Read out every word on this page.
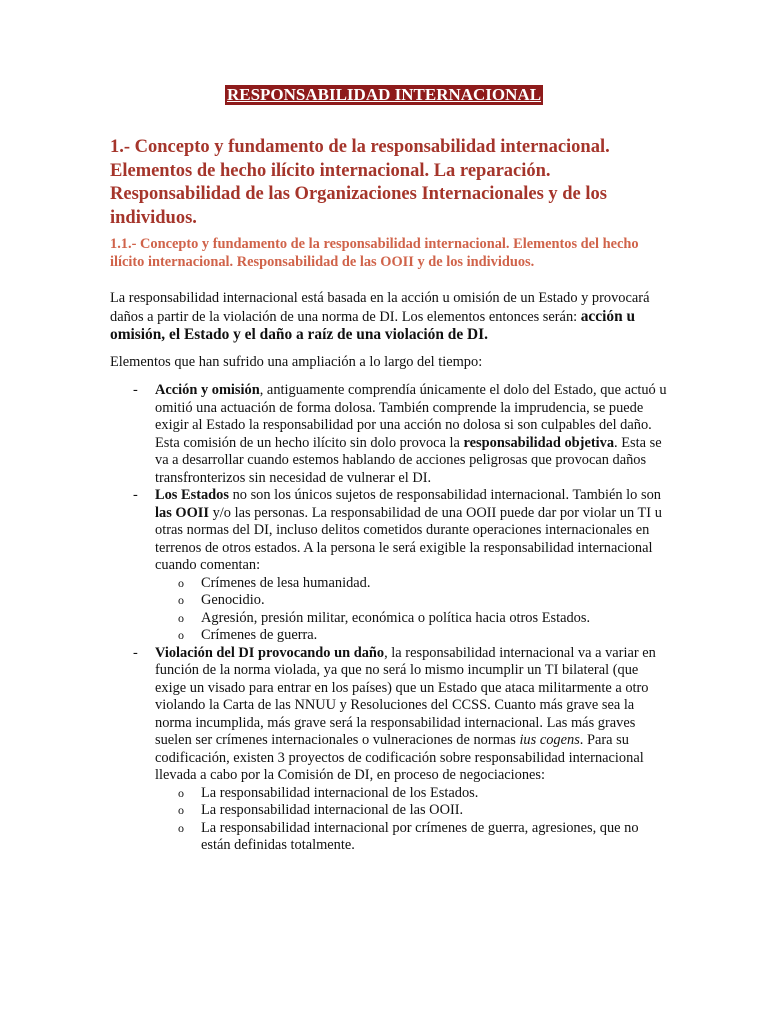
RESPONSABILIDAD INTERNACIONAL
1.- Concepto y fundamento de la responsabilidad internacional. Elementos de hecho ilícito internacional. La reparación. Responsabilidad de las Organizaciones Internacionales y de los individuos.
1.1.- Concepto y fundamento de la responsabilidad internacional. Elementos del hecho ilícito internacional. Responsabilidad de las OOII y de los individuos.

La responsabilidad internacional está basada en la acción u omisión de un Estado y provocará daños a partir de la violación de una norma de DI. Los elementos entonces serán: acción u omisión, el Estado y el daño a raíz de una violación de DI.

Elementos que han sufrido una ampliación a lo largo del tiempo:

- Acción y omisión, antiguamente comprendía únicamente el dolo del Estado, que actuó u omitió una actuación de forma dolosa. También comprende la imprudencia, se puede exigir al Estado la responsabilidad por una acción no dolosa si son culpables del daño. Esta comisión de un hecho ilícito sin dolo provoca la responsabilidad objetiva. Esta se va a desarrollar cuando estemos hablando de acciones peligrosas que provocan daños transfronterizos sin necesidad de vulnerar el DI.
- Los Estados no son los únicos sujetos de responsabilidad internacional. También lo son las OOII y/o las personas. La responsabilidad de una OOII puede dar por violar un TI u otras normas del DI, incluso delitos cometidos durante operaciones internacionales en terrenos de otros estados. A la persona le será exigible la responsabilidad internacional cuando comentan:
o Crímenes de lesa humanidad.
o Genocidio.
o Agresión, presión militar, económica o política hacia otros Estados.
o Crímenes de guerra.
- Violación del DI provocando un daño, la responsabilidad internacional va a variar en función de la norma violada, ya que no será lo mismo incumplir un TI bilateral (que exige un visado para entrar en los países) que un Estado que ataca militarmente a otro violando la Carta de las NNUU y Resoluciones del CCSS. Cuanto más grave sea la norma incumplida, más grave será la responsabilidad internacional. Las más graves suelen ser crímenes internacionales o vulneraciones de normas ius cogens. Para su codificación, existen 3 proyectos de codificación sobre responsabilidad internacional llevada a cabo por la Comisión de DI, en proceso de negociaciones:
o La responsabilidad internacional de los Estados.
o La responsabilidad internacional de las OOII.
o La responsabilidad internacional por crímenes de guerra, agresiones, que no están definidas totalmente.
